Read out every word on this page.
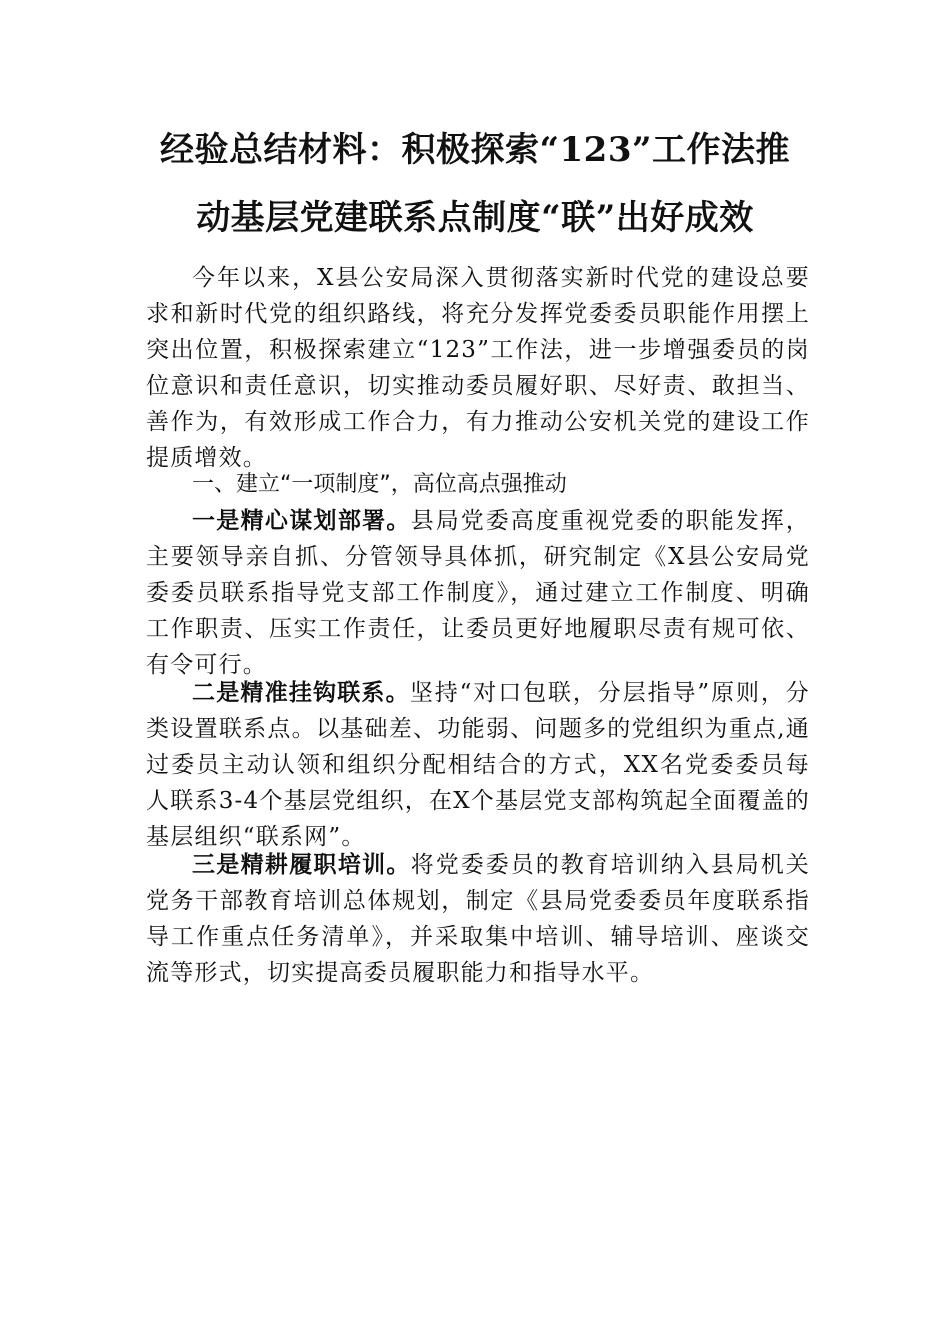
经验总结材料：积极探索“123”工作法推
动基层党建联系点制度“联”出好成效

今年以来，X县公安局深入贯彻落实新时代党的建设总要求和新时代党的组织路线，将充分发挥党委委员职能作用摆上突出位置，积极探索建立“123”工作法，进一步增强委员的岗位意识和责任意识，切实推动委员履好职、尽好责、敢担当、善作为，有效形成工作合力，有力推动公安机关党的建设工作提质增效。

一、建立“一项制度”，高位高点强推动

一是精心谋划部署。县局党委高度重视党委的职能发挥，主要领导亲自抓、分管领导具体抓，研究制定《X县公安局党委委员联系指导党支部工作制度》，通过建立工作制度、明确工作职责、压实工作责任，让委员更好地履职尽责有规可依、有令可行。

二是精准挂钩联系。坚持“对口包联，分层指导”原则，分类设置联系点。以基础差、功能弱、问题多的党组织为重点,通过委员主动认领和组织分配相结合的方式，XX名党委委员每人联系3-4个基层党组织，在X个基层党支部构筑起全面覆盖的基层组织“联系网”。

三是精耕履职培训。将党委委员的教育培训纳入县局机关党务干部教育培训总体规划，制定《县局党委委员年度联系指导工作重点任务清单》，并采取集中培训、辅导培训、座谈交流等形式，切实提高委员履职能力和指导水平。
